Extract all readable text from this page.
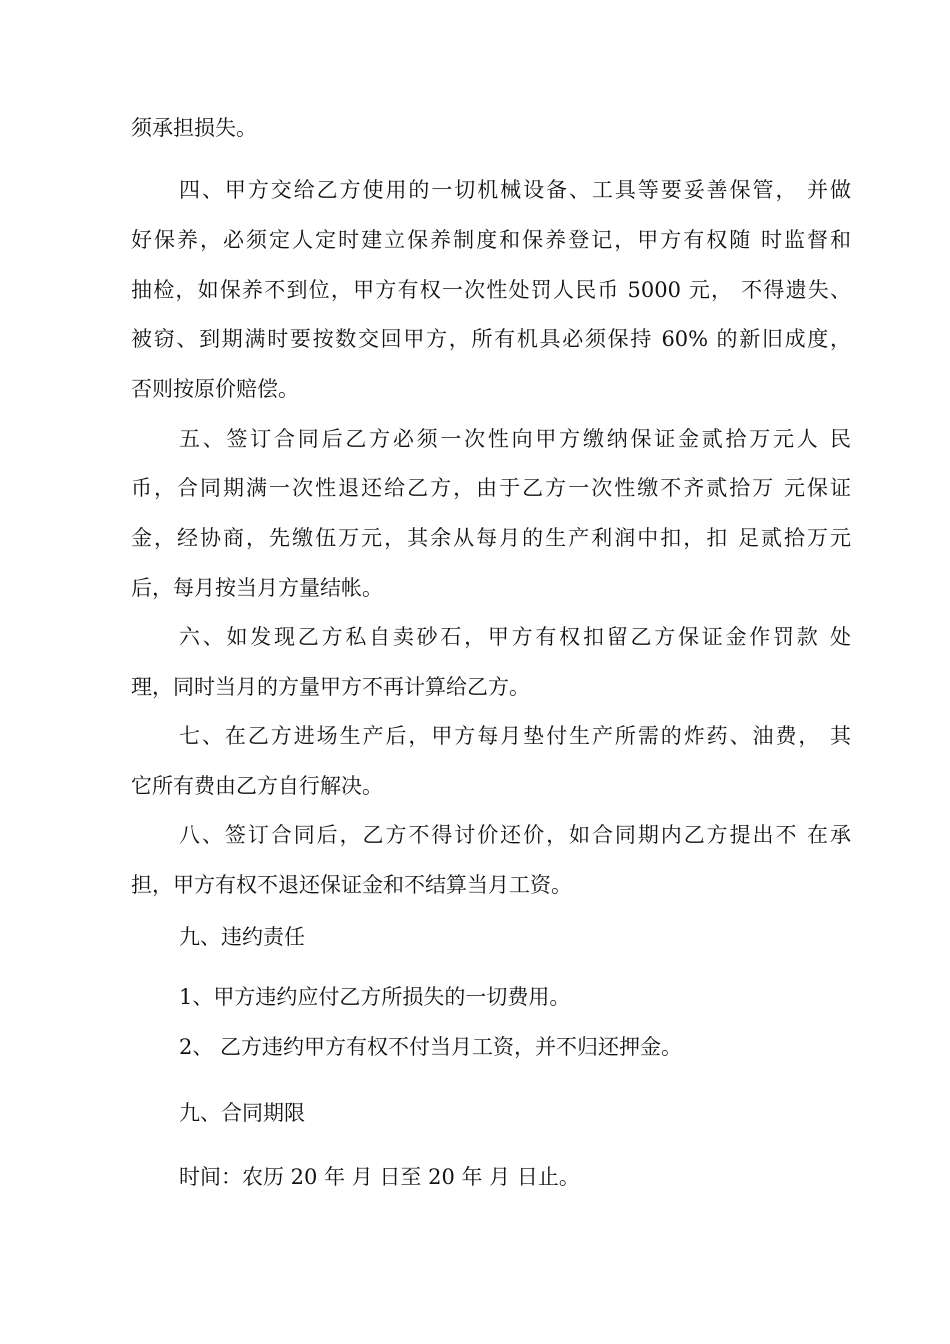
须承担损失。
四、甲方交给乙方使用的一切机械设备、工具等要妥善保管， 并做
好保养，必须定人定时建立保养制度和保养登记，甲方有权随 时监督和
抽检，如保养不到位，甲方有权一次性处罚人民币 5000 元， 不得遗失、
被窃、到期满时要按数交回甲方，所有机具必须保持 60% 的新旧成度，
否则按原价赔偿。
五、签订合同后乙方必须一次性向甲方缴纳保证金贰拾万元人 民
币，合同期满一次性退还给乙方，由于乙方一次性缴不齐贰拾万 元保证
金，经协商，先缴伍万元，其余从每月的生产利润中扣，扣 足贰拾万元
后，每月按当月方量结帐。
六、如发现乙方私自卖砂石，甲方有权扣留乙方保证金作罚款 处
理，同时当月的方量甲方不再计算给乙方。
七、在乙方进场生产后，甲方每月垫付生产所需的炸药、油费， 其
它所有费由乙方自行解决。
八、签订合同后，乙方不得讨价还价，如合同期内乙方提出不 在承
担，甲方有权不退还保证金和不结算当月工资。
九、违约责任
1、甲方违约应付乙方所损失的一切费用。
2、 乙方违约甲方有权不付当月工资，并不归还押金。
九、合同期限
时间：农历 20 年 月 日至 20 年 月 日止。
